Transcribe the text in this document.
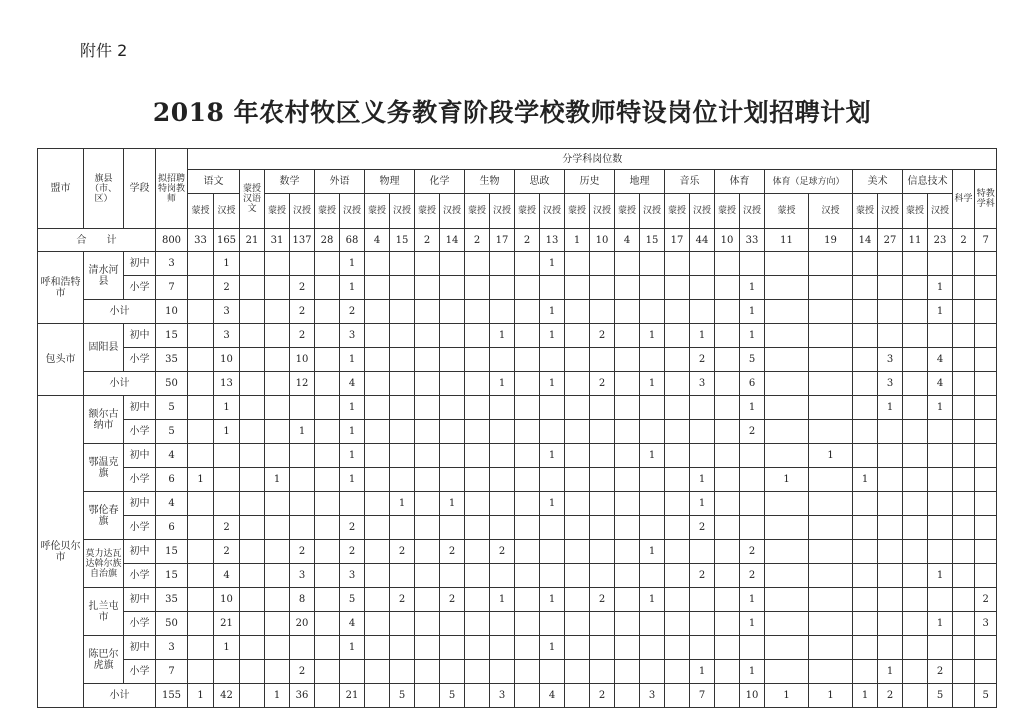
附件 2
2018 年农村牧区义务教育阶段学校教师特设岗位计划招聘计划
盟市	旗县（市、区）	学段	拟招聘特岗教师	分学科岗位数																														
				语文		蒙授汉语文	数学		外语		物理		化学		生物		思政		历史		地理		音乐		体育		体育（足球方向）		美术		信息技术		科学	特教学科
				蒙授	汉授		蒙授	汉授	蒙授	汉授	蒙授	汉授	蒙授	汉授	蒙授	汉授	蒙授	汉授	蒙授	汉授	蒙授	汉授	蒙授	汉授	蒙授	汉授	蒙授	汉授	蒙授	汉授	蒙授	汉授		
合　　计			800	33	165	21	31	137	28	68	4	15	2	14	2	17	2	13	1	10	4	15	17	44	10	33	11	19	14	27	11	23	2	7
呼和浩特市	清水河县	初中	3		1					1								1																
		小学	7		2			2		1																1						1		
	小计		10		3			2		2								1								1						1		
包头市	固阳县	初中	15		3			2		3						1		1		2		1		1		1								
		小学	35		10			10		1														2		5				3		4		
	小计		50		13			12		4						1		1		2		1		3		6				3		4		
呼伦贝尔市	额尔古纳市	初中	5		1					1																1				1		1		
		小学	5		1			1		1																2								
	鄂温克旗	初中	4							1								1				1						1						
		小学	6	1			1			1														1			1		1					
	鄂伦春旗	初中	4									1		1				1						1										
		小学	6		2					2														2										
	莫力达瓦达斡尔族自治旗	初中	15		2			2		2		2		2		2						1				2								
		小学	15		4			3		3														2		2						1		
	扎兰屯市	初中	35		10			8		5		2		2		1		1		2		1				1								2
		小学	50		21			20		4																1						1		3
	陈巴尔虎旗	初中	3		1					1								1																
		小学	7					2																1		1				1		2		
	小计		155	1	42		1	36		21		5		5		3		4		2		3		7		10	1	1	1	2		5		5
